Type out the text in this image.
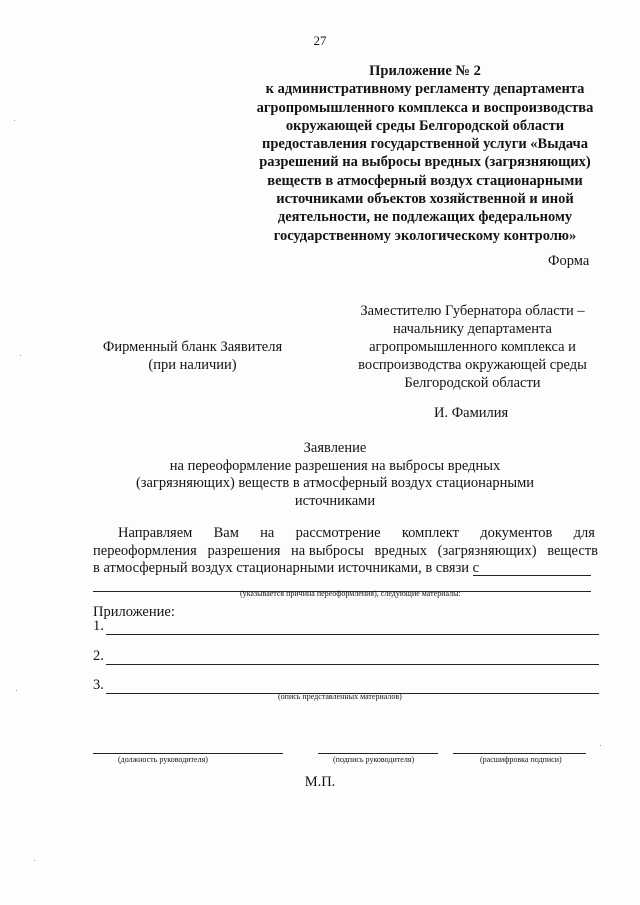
27
Приложение № 2
к административному регламенту департамента
агропромышленного комплекса и воспроизводства
окружающей среды Белгородской области
предоставления государственной услуги «Выдача
разрешений на выбросы вредных (загрязняющих)
веществ в атмосферный воздух стационарными
источниками объектов хозяйственной и иной
деятельности, не подлежащих федеральному
государственному экологическому контролю»
Форма
Заместителю Губернатора области –
начальнику департамента
агропромышленного комплекса и
воспроизводства окружающей среды
Белгородской области
Фирменный бланк Заявителя
(при наличии)
И. Фамилия
Заявление
на переоформление разрешения на выбросы вредных
(загрязняющих) веществ в атмосферный воздух стационарными
источниками
Направляем Вам на рассмотрение комплект документов для
переоформления разрешения на выбросы вредных (загрязняющих) веществ
в атмосферный воздух стационарными источниками, в связи с
(указывается причина переоформления), следующие материалы:
Приложение:
1.
2.
3.
(опись представленных материалов)
(должность руководителя)	(подпись руководителя)	(расшифровка подписи)
М.П.
